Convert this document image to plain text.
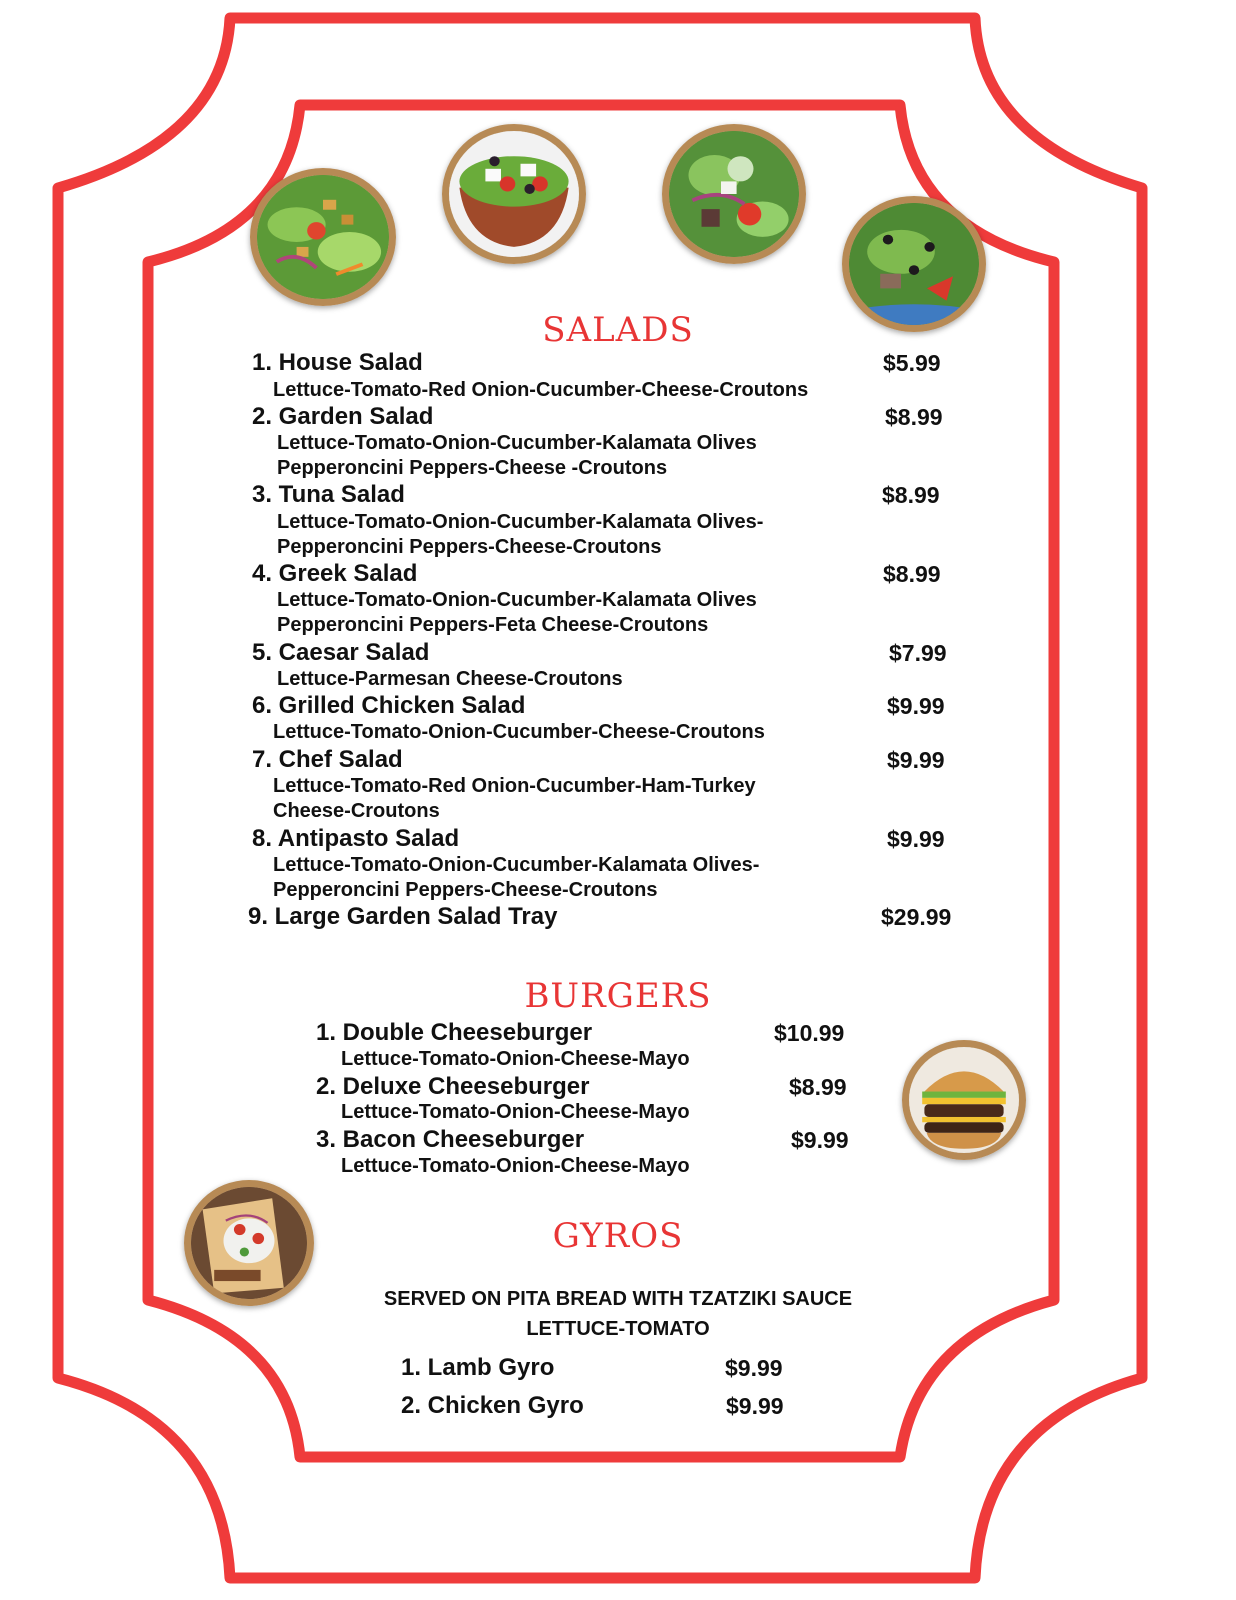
SALADS
BURGERS
GYROS
1. House Salad	$5.99
Lettuce-Tomato-Red Onion-Cucumber-Cheese-Croutons
2. Garden Salad	$8.99
Lettuce-Tomato-Onion-Cucumber-Kalamata Olives
Pepperoncini Peppers-Cheese -Croutons
3. Tuna Salad	$8.99
Lettuce-Tomato-Onion-Cucumber-Kalamata Olives-
Pepperoncini Peppers-Cheese-Croutons
4. Greek Salad	$8.99
Lettuce-Tomato-Onion-Cucumber-Kalamata Olives
Pepperoncini Peppers-Feta Cheese-Croutons
5. Caesar Salad	$7.99
Lettuce-Parmesan Cheese-Croutons
6. Grilled Chicken Salad	$9.99
Lettuce-Tomato-Onion-Cucumber-Cheese-Croutons
7. Chef Salad	$9.99
Lettuce-Tomato-Red Onion-Cucumber-Ham-Turkey
Cheese-Croutons
8. Antipasto Salad	$9.99
Lettuce-Tomato-Onion-Cucumber-Kalamata Olives-
Pepperoncini Peppers-Cheese-Croutons
9. Large Garden Salad Tray	$29.99
1. Double Cheeseburger	$10.99
Lettuce-Tomato-Onion-Cheese-Mayo
2. Deluxe Cheeseburger	$8.99
Lettuce-Tomato-Onion-Cheese-Mayo
3. Bacon Cheeseburger	$9.99
Lettuce-Tomato-Onion-Cheese-Mayo
SERVED ON PITA BREAD WITH TZATZIKI SAUCE
LETTUCE-TOMATO
1. Lamb Gyro	$9.99
2. Chicken Gyro	$9.99
